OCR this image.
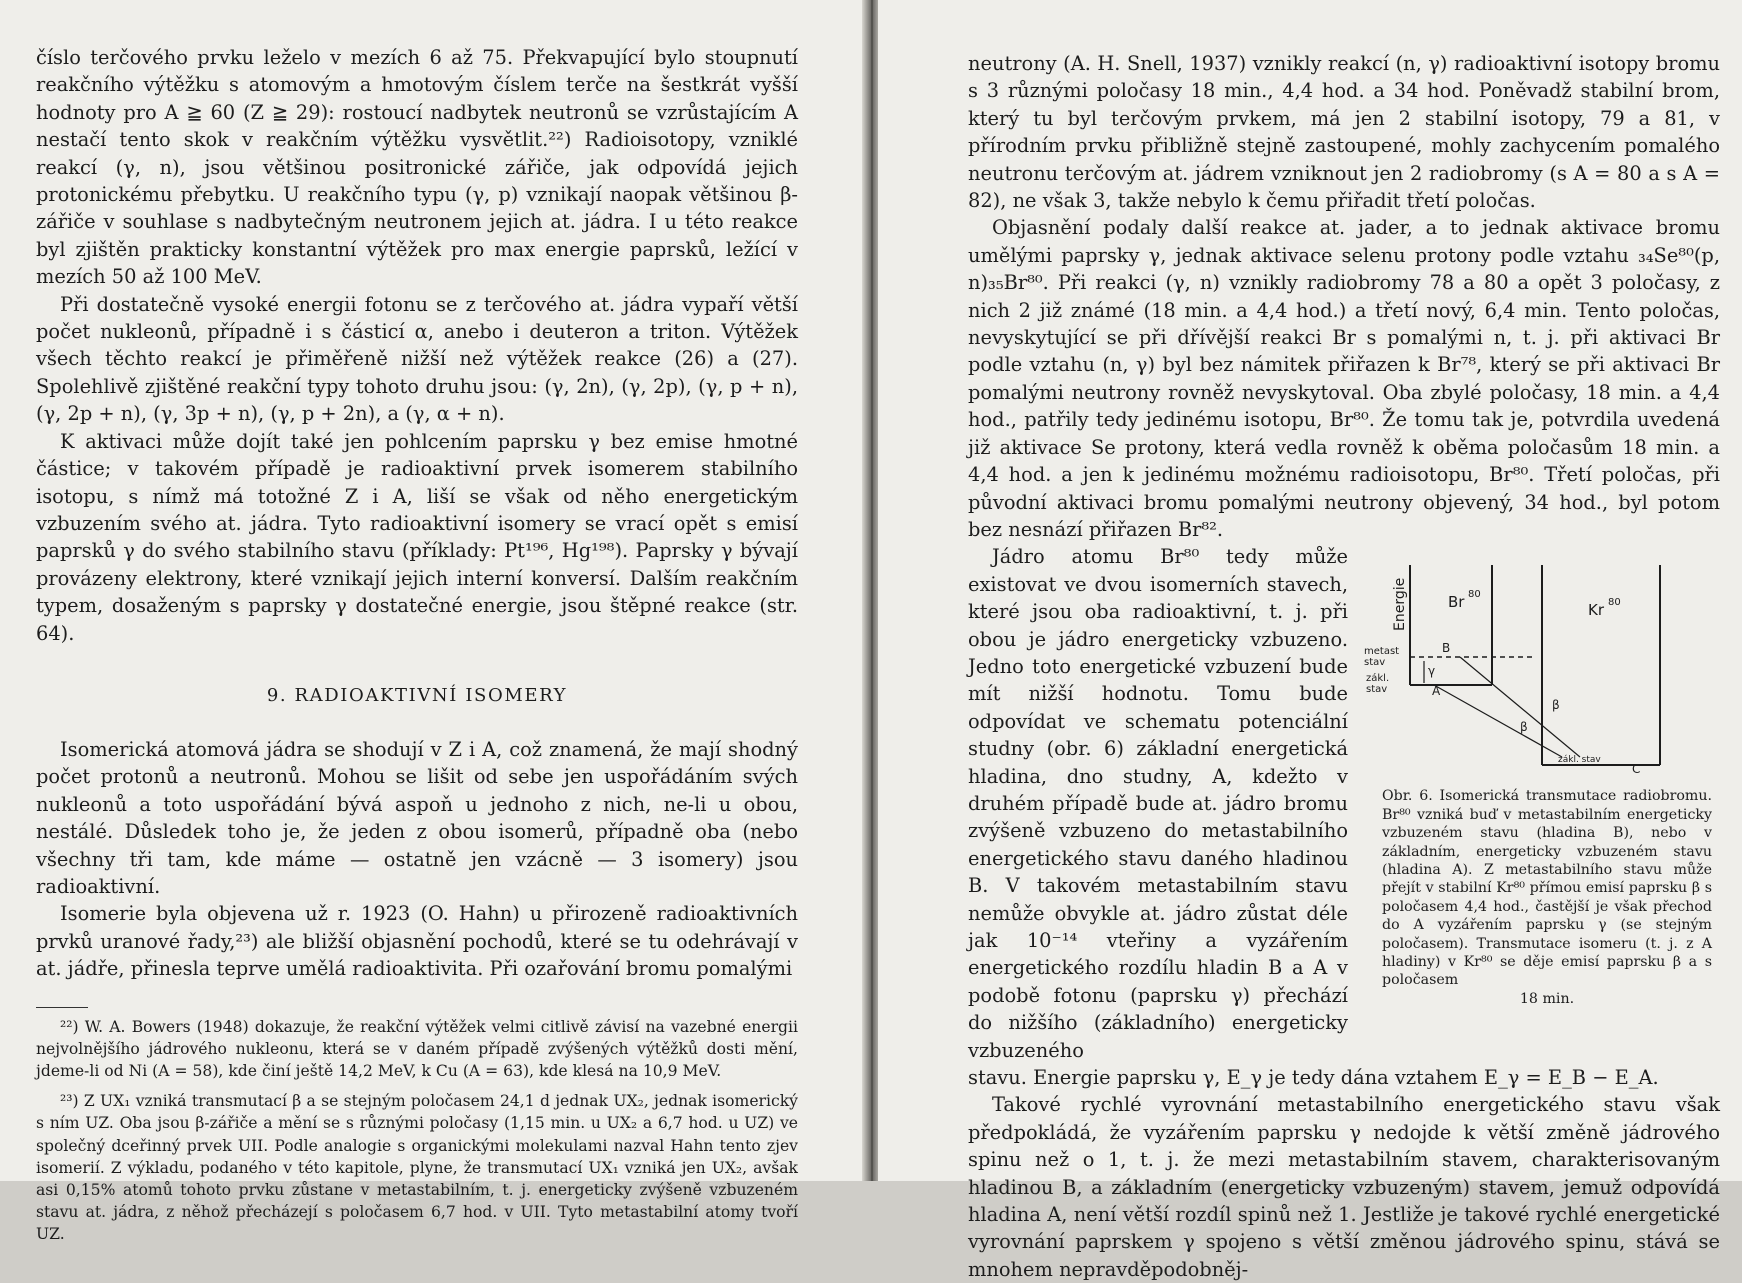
číslo terčového prvku leželo v mezích 6 až 75. Překvapující bylo stoupnutí reakčního výtěžku s atomovým a hmotovým číslem terče na šestkrát vyšší hodnoty pro A ≧ 60 (Z ≧ 29): rostoucí nadbytek neutronů se vzrůstajícím A nestačí tento skok v reakčním výtěžku vysvětlit.²²) Radioisotopy, vzniklé reakcí (γ, n), jsou většinou positronické zářiče, jak odpovídá jejich protonickému přebytku. U reakčního typu (γ, p) vznikají naopak většinou β-zářiče v souhlase s nadbytečným neutronem jejich at. jádra. I u této reakce byl zjištěn prakticky konstantní výtěžek pro max energie paprsků, ležící v mezích 50 až 100 MeV.

Při dostatečně vysoké energii fotonu se z terčového at. jádra vypaří větší počet nukleonů, případně i s částicí α, anebo i deuteron a triton. Výtěžek všech těchto reakcí je přiměřeně nižší než výtěžek reakce (26) a (27). Spolehlivě zjištěné reakční typy tohoto druhu jsou: (γ, 2n), (γ, 2p), (γ, p + n), (γ, 2p + n), (γ, 3p + n), (γ, p + 2n), a (γ, α + n).

K aktivaci může dojít také jen pohlcením paprsku γ bez emise hmotné částice; v takovém případě je radioaktivní prvek isomerem stabilního isotopu, s nímž má totožné Z i A, liší se však od něho energetickým vzbuzením svého at. jádra. Tyto radioaktivní isomery se vrací opět s emisí paprsků γ do svého stabilního stavu (příklady: Pt¹⁹⁶, Hg¹⁹⁸). Paprsky γ bývají provázeny elektrony, které vznikají jejich interní konversí. Dalším reakčním typem, dosaženým s paprsky γ dostatečné energie, jsou štěpné reakce (str. 64).

9. RADIOAKTIVNÍ ISOMERY

Isomerická atomová jádra se shodují v Z i A, což znamená, že mají shodný počet protonů a neutronů. Mohou se lišit od sebe jen uspořádáním svých nukleonů a toto uspořádání bývá aspoň u jednoho z nich, ne-li u obou, nestálé. Důsledek toho je, že jeden z obou isomerů, případně oba (nebo všechny tři tam, kde máme — ostatně jen vzácně — 3 isomery) jsou radioaktivní.

Isomerie byla objevena už r. 1923 (O. Hahn) u přirozeně radioaktivních prvků uranové řady,²³) ale bližší objasnění pochodů, které se tu odehrávají v at. jádře, přinesla teprve umělá radioaktivita. Při ozařování bromu pomalými

²²) W. A. Bowers (1948) dokazuje, že reakční výtěžek velmi citlivě závisí na vazebné energii nejvolnějšího jádrového nukleonu, která se v daném případě zvýšených výtěžků dosti mění, jdeme-li od Ni (A = 58), kde činí ještě 14,2 MeV, k Cu (A = 63), kde klesá na 10,9 MeV.

²³) Z UX₁ vzniká transmutací β a se stejným poločasem 24,1 d jednak UX₂, jednak isomerický s ním UZ. Oba jsou β-zářiče a mění se s různými poločasy (1,15 min. u UX₂ a 6,7 hod. u UZ) ve společný dceřinný prvek UII. Podle analogie s organickými molekulami nazval Hahn tento zjev isomerií. Z výkladu, podaného v této kapitole, plyne, že transmutací UX₁ vzniká jen UX₂, avšak asi 0,15% atomů tohoto prvku zůstane v metastabilním, t. j. energeticky zvýšeně vzbuzeném stavu at. jádra, z něhož přecházejí s poločasem 6,7 hod. v UII. Tyto metastabilní atomy tvoří UZ.

neutrony (A. H. Snell, 1937) vznikly reakcí (n, γ) radioaktivní isotopy bromu s 3 různými poločasy 18 min., 4,4 hod. a 34 hod. Poněvadž stabilní brom, který tu byl terčovým prvkem, má jen 2 stabilní isotopy, 79 a 81, v přírodním prvku přibližně stejně zastoupené, mohly zachycením pomalého neutronu terčovým at. jádrem vzniknout jen 2 radiobromy (s A = 80 a s A = 82), ne však 3, takže nebylo k čemu přiřadit třetí poločas.

Objasnění podaly další reakce at. jader, a to jednak aktivace bromu umělými paprsky γ, jednak aktivace selenu protony podle vztahu ₃₄Se⁸⁰(p, n)₃₅Br⁸⁰. Při reakci (γ, n) vznikly radiobromy 78 a 80 a opět 3 poločasy, z nich 2 již známé (18 min. a 4,4 hod.) a třetí nový, 6,4 min. Tento poločas, nevyskytující se při dřívější reakci Br s pomalými n, t. j. při aktivaci Br podle vztahu (n, γ) byl bez námitek přiřazen k Br⁷⁸, který se při aktivaci Br pomalými neutrony rovněž nevyskytoval. Oba zbylé poločasy, 18 min. a 4,4 hod., patřily tedy jedinému isotopu, Br⁸⁰. Že tomu tak je, potvrdila uvedená již aktivace Se protony, která vedla rovněž k oběma poločasům 18 min. a 4,4 hod. a jen k jedinému možnému radioisotopu, Br⁸⁰. Třetí poločas, při původní aktivaci bromu pomalými neutrony objevený, 34 hod., byl potom bez nesnází přiřazen Br⁸².

Jádro atomu Br⁸⁰ tedy může existovat ve dvou isomerních stavech, které jsou oba radioaktivní, t. j. při obou je jádro energeticky vzbuzeno. Jedno toto energetické vzbuzení bude mít nižší hodnotu. Tomu bude odpovídat ve schematu potenciální studny (obr. 6) základní energetická hladina, dno studny, A, kdežto v druhém případě bude at. jádro bromu zvýšeně vzbuzeno do metastabilního energetického stavu daného hladinou B. V takovém metastabilním stavu nemůže obvykle at. jádro zůstat déle jak 10⁻¹⁴ vteřiny a vyzářením energetického rozdílu hladin B a A v podobě fotonu (paprsku γ) přechází do nižšího (základního) energeticky vzbuzeného

Energie	Br 80
metast
stav
zákl.
stav
B
A
γ
Kr 80
β
β
zákl. stav
C
Obr. 6. Isomerická transmutace radiobromu. Br⁸⁰ vzniká buď v metastabilním energeticky vzbuzeném stavu (hladina B), nebo v základním, energeticky vzbuzeném stavu (hladina A). Z metastabilního stavu může přejít v stabilní Kr⁸⁰ přímou emisí paprsku β s poločasem 4,4 hod., častější je však přechod do A vyzářením paprsku γ (se stejným poločasem). Transmutace isomeru (t. j. z A hladiny) v Kr⁸⁰ se děje emisí paprsku β a s poločasem
18 min.

stavu. Energie paprsku γ, E_γ je tedy dána vztahem E_γ = E_B − E_A.

Takové rychlé vyrovnání metastabilního energetického stavu však předpokládá, že vyzářením paprsku γ nedojde k větší změně jádrového spinu než o 1, t. j. že mezi metastabilním stavem, charakterisovaným hladinou B, a základním (energeticky vzbuzeným) stavem, jemuž odpovídá hladina A, není větší rozdíl spinů než 1. Jestliže je takové rychlé energetické vyrovnání paprskem γ spojeno s větší změnou jádrového spinu, stává se mnohem nepravděpodobněj-
